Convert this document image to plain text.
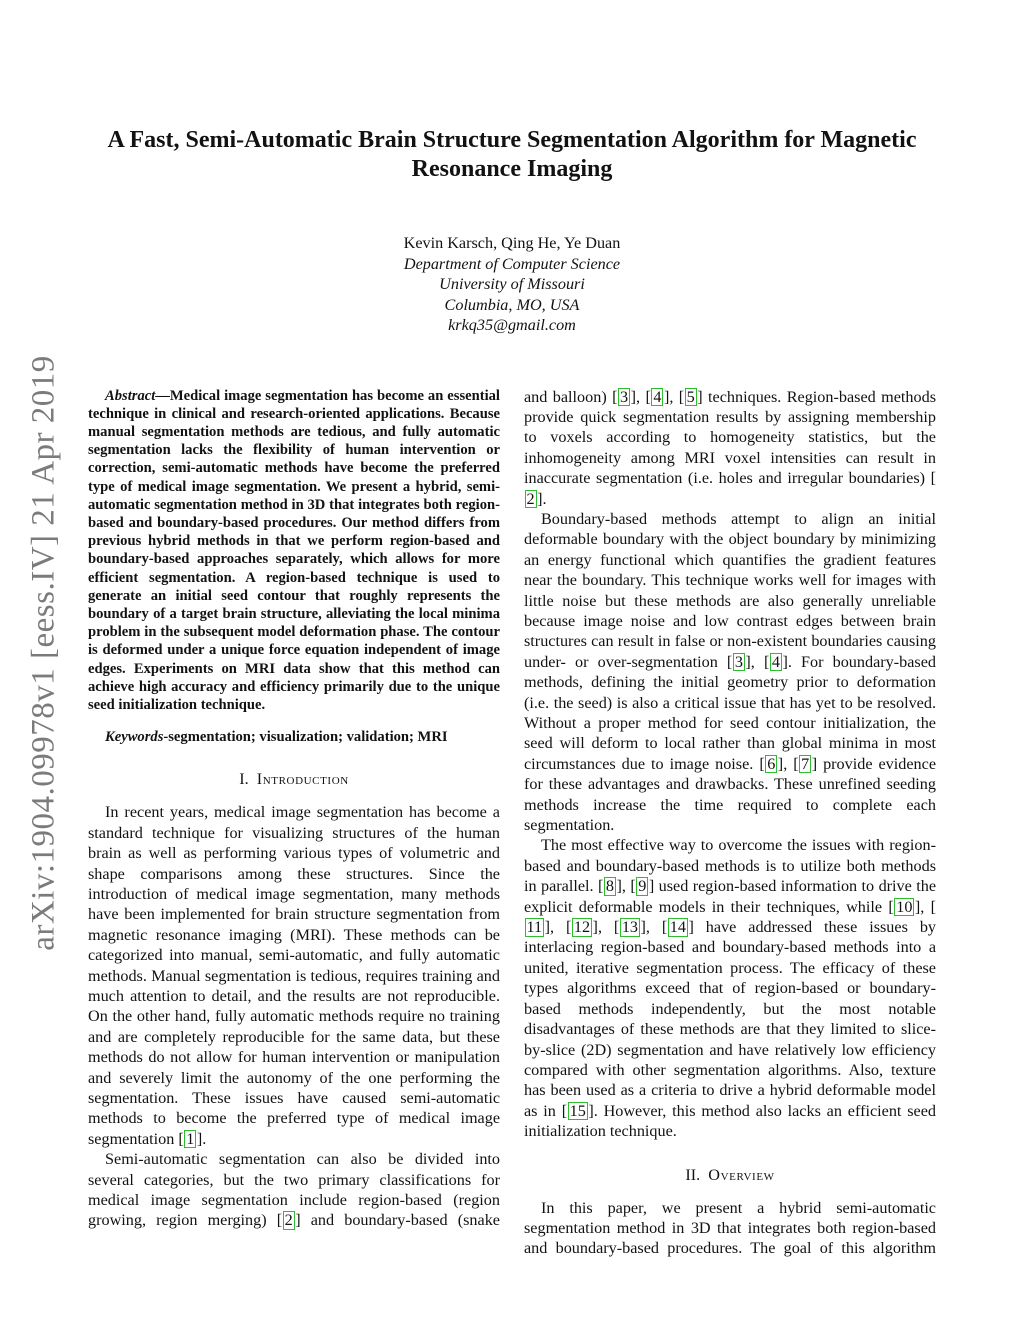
arXiv:1904.09978v1 [eess.IV] 21 Apr 2019
A Fast, Semi-Automatic Brain Structure Segmentation Algorithm for Magnetic Resonance Imaging
Kevin Karsch, Qing He, Ye Duan
Department of Computer Science
University of Missouri
Columbia, MO, USA
krkq35@gmail.com

Abstract—Medical image segmentation has become an essential technique in clinical and research-oriented applications. Because manual segmentation methods are tedious, and fully automatic segmentation lacks the flexibility of human intervention or correction, semi-automatic methods have become the preferred type of medical image segmentation. We present a hybrid, semi-automatic segmentation method in 3D that integrates both region-based and boundary-based procedures. Our method differs from previous hybrid methods in that we perform region-based and boundary-based approaches separately, which allows for more efficient segmentation. A region-based technique is used to generate an initial seed contour that roughly represents the boundary of a target brain structure, alleviating the local minima problem in the subsequent model deformation phase. The contour is deformed under a unique force equation independent of image edges. Experiments on MRI data show that this method can achieve high accuracy and efficiency primarily due to the unique seed initialization technique.

Keywords-segmentation; visualization; validation; MRI

I. Introduction

In recent years, medical image segmentation has become a standard technique for visualizing structures of the human brain as well as performing various types of volumetric and shape comparisons among these structures. Since the introduction of medical image segmentation, many methods have been implemented for brain structure segmentation from magnetic resonance imaging (MRI). These methods can be categorized into manual, semi-automatic, and fully automatic methods. Manual segmentation is tedious, requires training and much attention to detail, and the results are not reproducible. On the other hand, fully automatic methods require no training and are completely reproducible for the same data, but these methods do not allow for human intervention or manipulation and severely limit the autonomy of the one performing the segmentation. These issues have caused semi-automatic methods to become the preferred type of medical image segmentation [ 1 ].

Semi-automatic segmentation can also be divided into several categories, but the two primary classifications for medical image segmentation include region-based (region growing, region merging) [ 2 ] and boundary-based (snake

and balloon) [ 3 ], [ 4 ], [ 5 ] techniques. Region-based methods provide quick segmentation results by assigning membership to voxels according to homogeneity statistics, but the inhomogeneity among MRI voxel intensities can result in inaccurate segmentation (i.e. holes and irregular boundaries) [2 ].

Boundary-based methods attempt to align an initial deformable boundary with the object boundary by minimizing an energy functional which quantifies the gradient features near the boundary. This technique works well for images with little noise but these methods are also generally unreliable because image noise and low contrast edges between brain structures can result in false or non-existent boundaries causing under- or over-segmentation [ 3 ], [ 4 ]. For boundary-based methods, defining the initial geometry prior to deformation (i.e. the seed) is also a critical issue that has yet to be resolved. Without a proper method for seed contour initialization, the seed will deform to local rather than global minima in most circumstances due to image noise. [ 6 ], [ 7 ] provide evidence for these advantages and drawbacks. These unrefined seeding methods increase the time required to complete each segmentation.

The most effective way to overcome the issues with region-based and boundary-based methods is to utilize both methods in parallel. [ 8 ], [ 9 ] used region-based information to drive the explicit deformable models in their techniques, while [ 10 ], [11 ], [ 12 ], [ 13 ], [ 14 ] have addressed these issues by interlacing region-based and boundary-based methods into a united, iterative segmentation process. The efficacy of these types algorithms exceed that of region-based or boundary-based methods independently, but the most notable disadvantages of these methods are that they limited to slice-by-slice (2D) segmentation and have relatively low efficiency compared with other segmentation algorithms. Also, texture has been used as a criteria to drive a hybrid deformable model as in [ 15 ]. However, this method also lacks an efficient seed initialization technique.

II. Overview

In this paper, we present a hybrid semi-automatic segmentation method in 3D that integrates both region-based and boundary-based procedures. The goal of this algorithm
